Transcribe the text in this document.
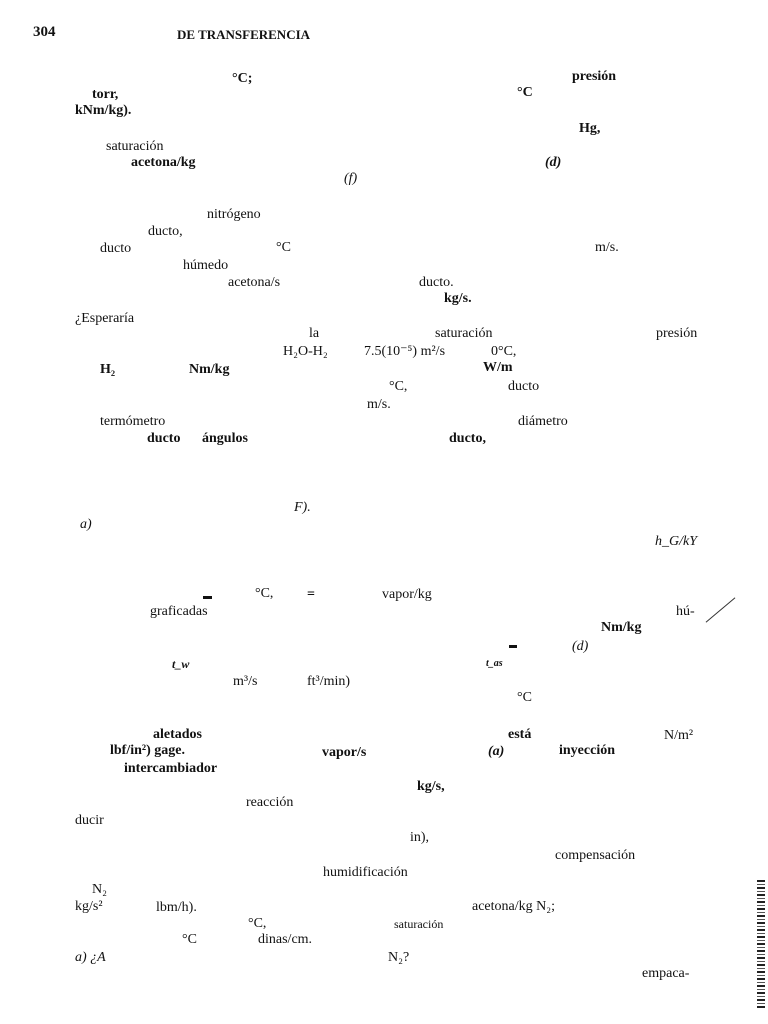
304	DE TRANSFERENCIA
°C;	presión
torr,	°C
kNm/kg).
Hg,
saturación
acetona/kg	(d)
(f)
nitrógeno
ducto,
ducto	°C	m/s.
húmedo
acetona/s	ducto.
kg/s.
¿Esperaría
la	saturación	presión
H₂O-H₂	7.5(10⁻⁵) m²/s	0°C,
H₂	Nm/kg	W/m
°C,	ducto
m/s.
termómetro	diámetro
ducto ángulos	ducto,
F).
a)
h_G/kY
°C, =	vapor/kg
graficadas	hú-
Nm/kg
(d)
t_w	t_as
m³/s	ft³/min)
°C
aletados	está	N/m²
lbf/in²) gage.	vapor/s	(a)	inyección
intercambiador
kg/s,
reacción
ducir
in),
compensación
humidificación
N₂
kg/s²	lbm/h).	acetona/kg N₂;
°C,	saturación
°C	dinas/cm.
a) ¿A	N₂?
empaca-
